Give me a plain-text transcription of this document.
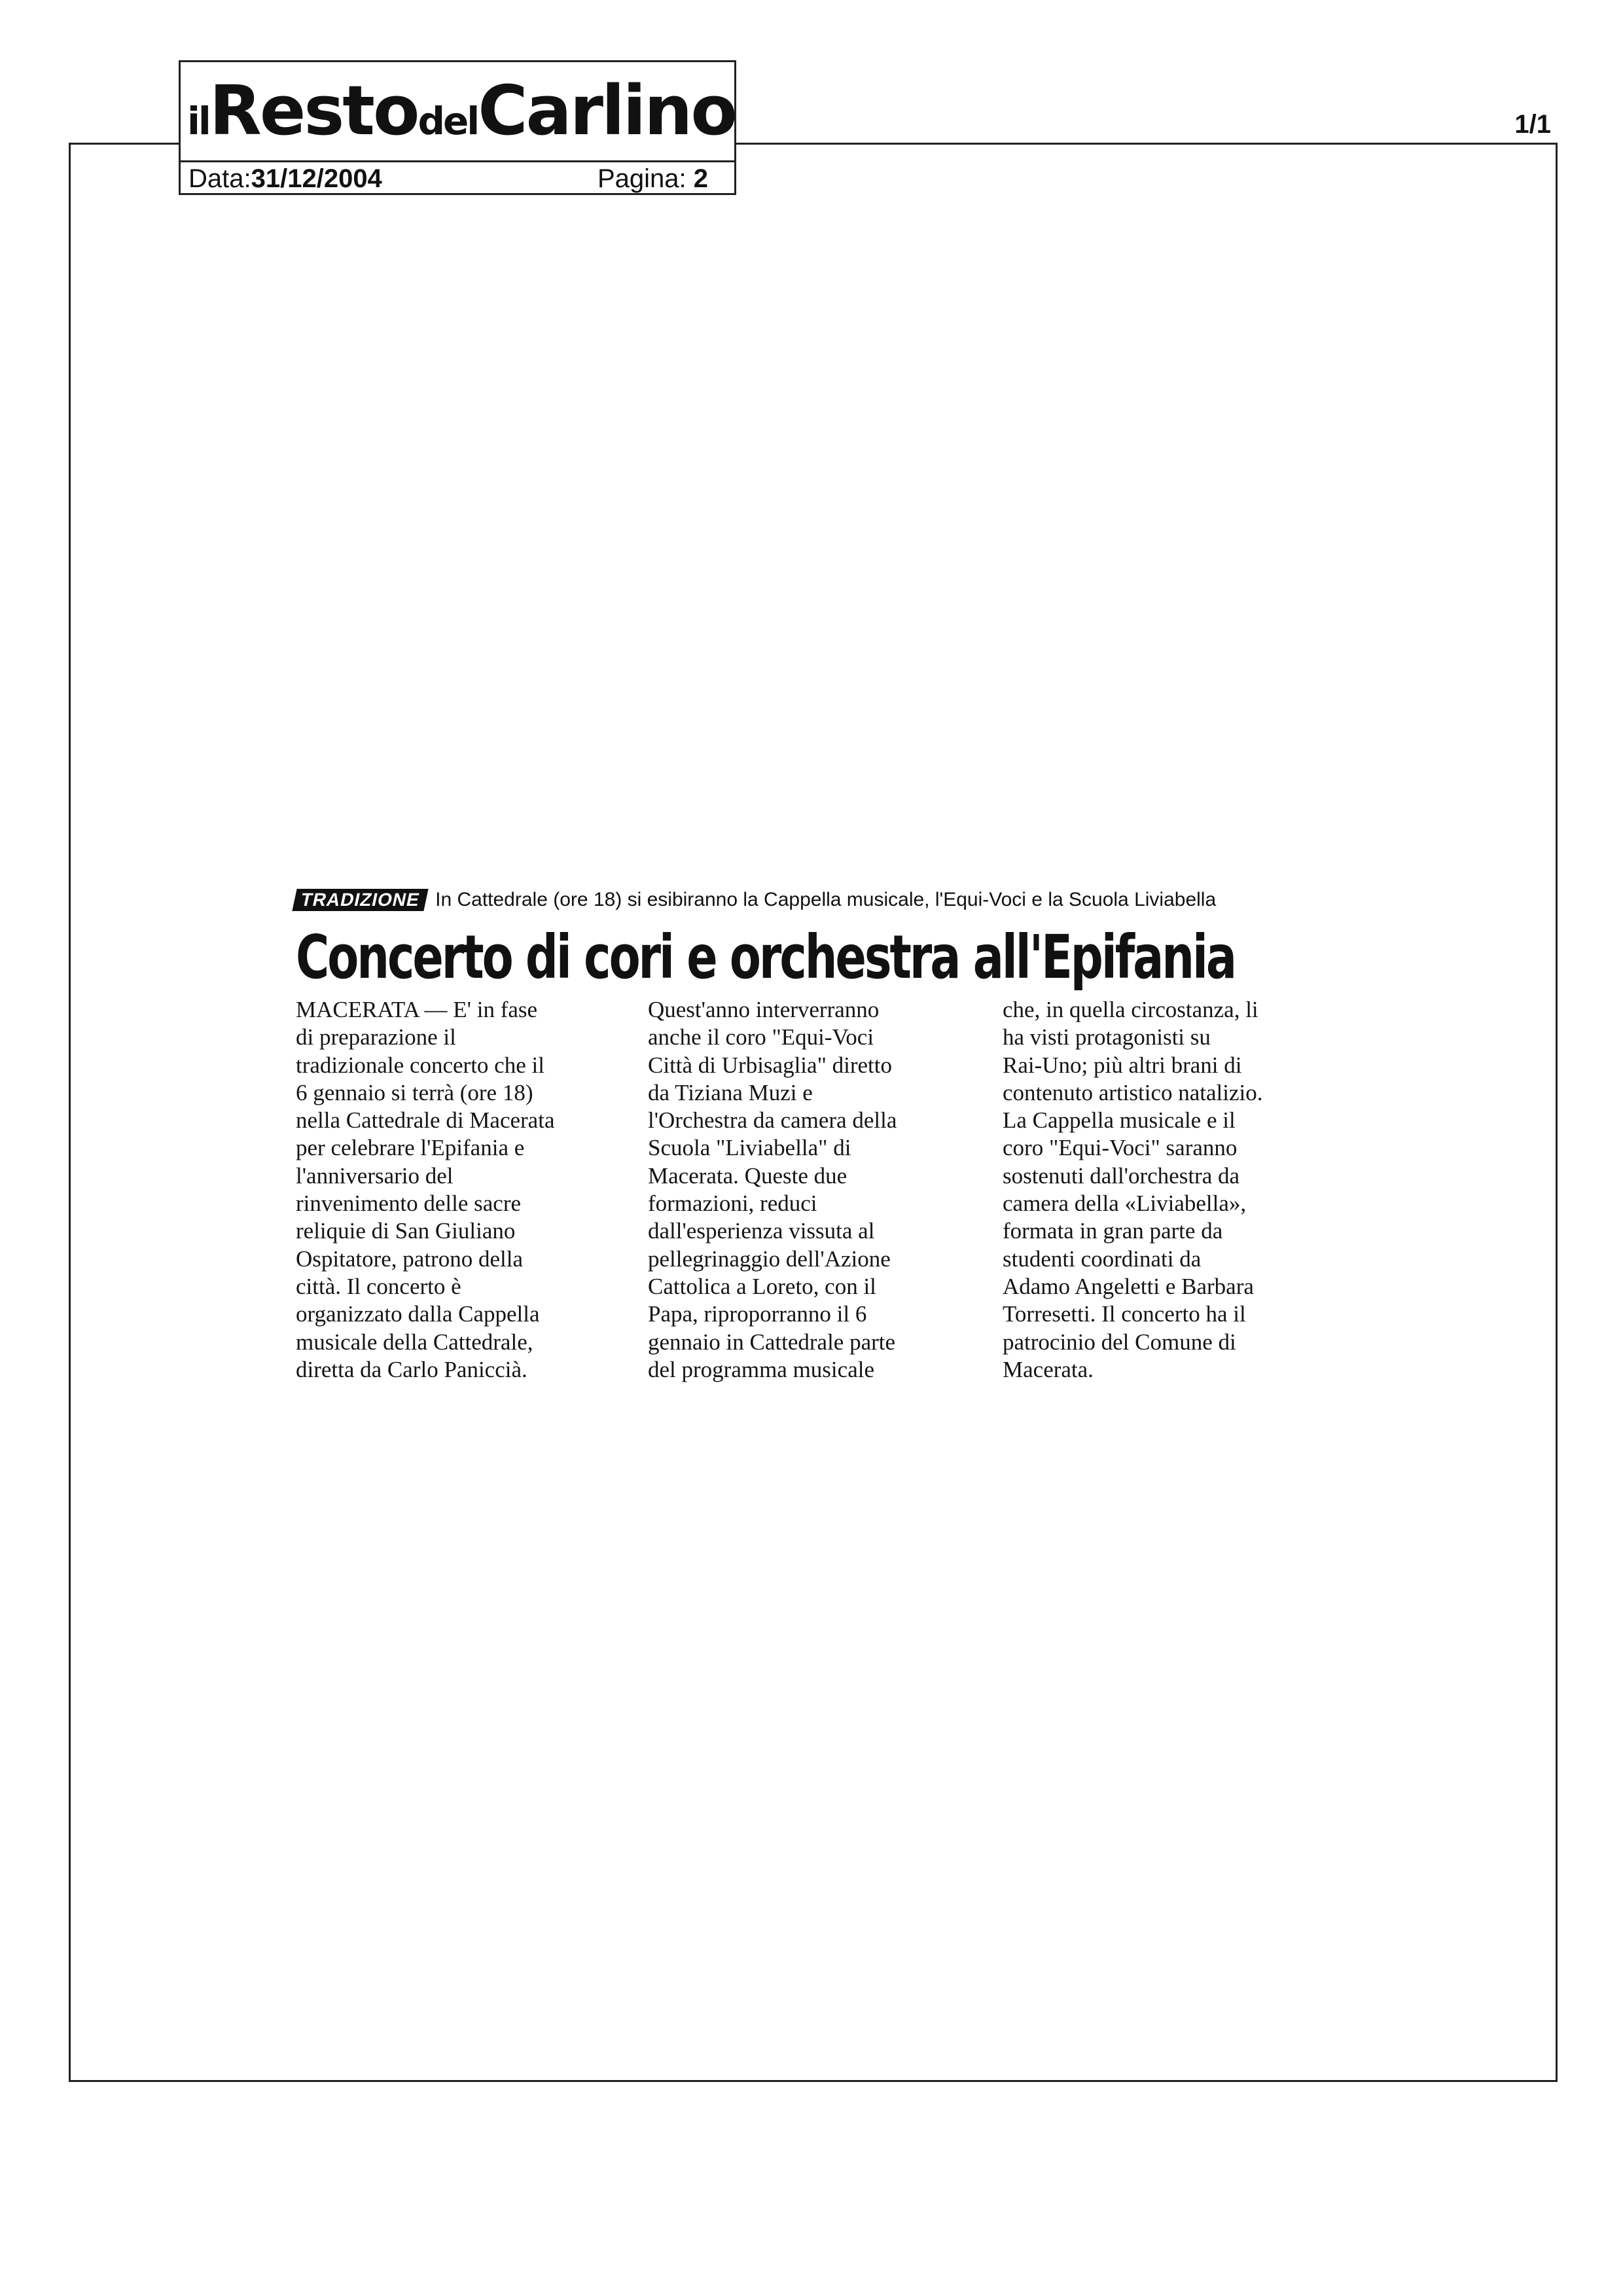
1/1
ilRestodelCarlino
Data:31/12/2004	Pagina: 2
TRADIZIONE In Cattedrale (ore 18) si esibiranno la Cappella musicale, l'Equi-Voci e la Scuola Liviabella
Concerto di cori e orchestra all'Epifania
MACERATA — E' in fase
di preparazione il
tradizionale concerto che il
6 gennaio si terrà (ore 18)
nella Cattedrale di Macerata
per celebrare l'Epifania e
l'anniversario del
rinvenimento delle sacre
reliquie di San Giuliano
Ospitatore, patrono della
città. Il concerto è
organizzato dalla Cappella
musicale della Cattedrale,
diretta da Carlo Paniccià.
Quest'anno interverranno
anche il coro "Equi-Voci
Città di Urbisaglia" diretto
da Tiziana Muzi e
l'Orchestra da camera della
Scuola "Liviabella" di
Macerata. Queste due
formazioni, reduci
dall'esperienza vissuta al
pellegrinaggio dell'Azione
Cattolica a Loreto, con il
Papa, riproporranno il 6
gennaio in Cattedrale parte
del programma musicale
che, in quella circostanza, li
ha visti protagonisti su
Rai-Uno; più altri brani di
contenuto artistico natalizio.
La Cappella musicale e il
coro "Equi-Voci" saranno
sostenuti dall'orchestra da
camera della «Liviabella»,
formata in gran parte da
studenti coordinati da
Adamo Angeletti e Barbara
Torresetti. Il concerto ha il
patrocinio del Comune di
Macerata.
